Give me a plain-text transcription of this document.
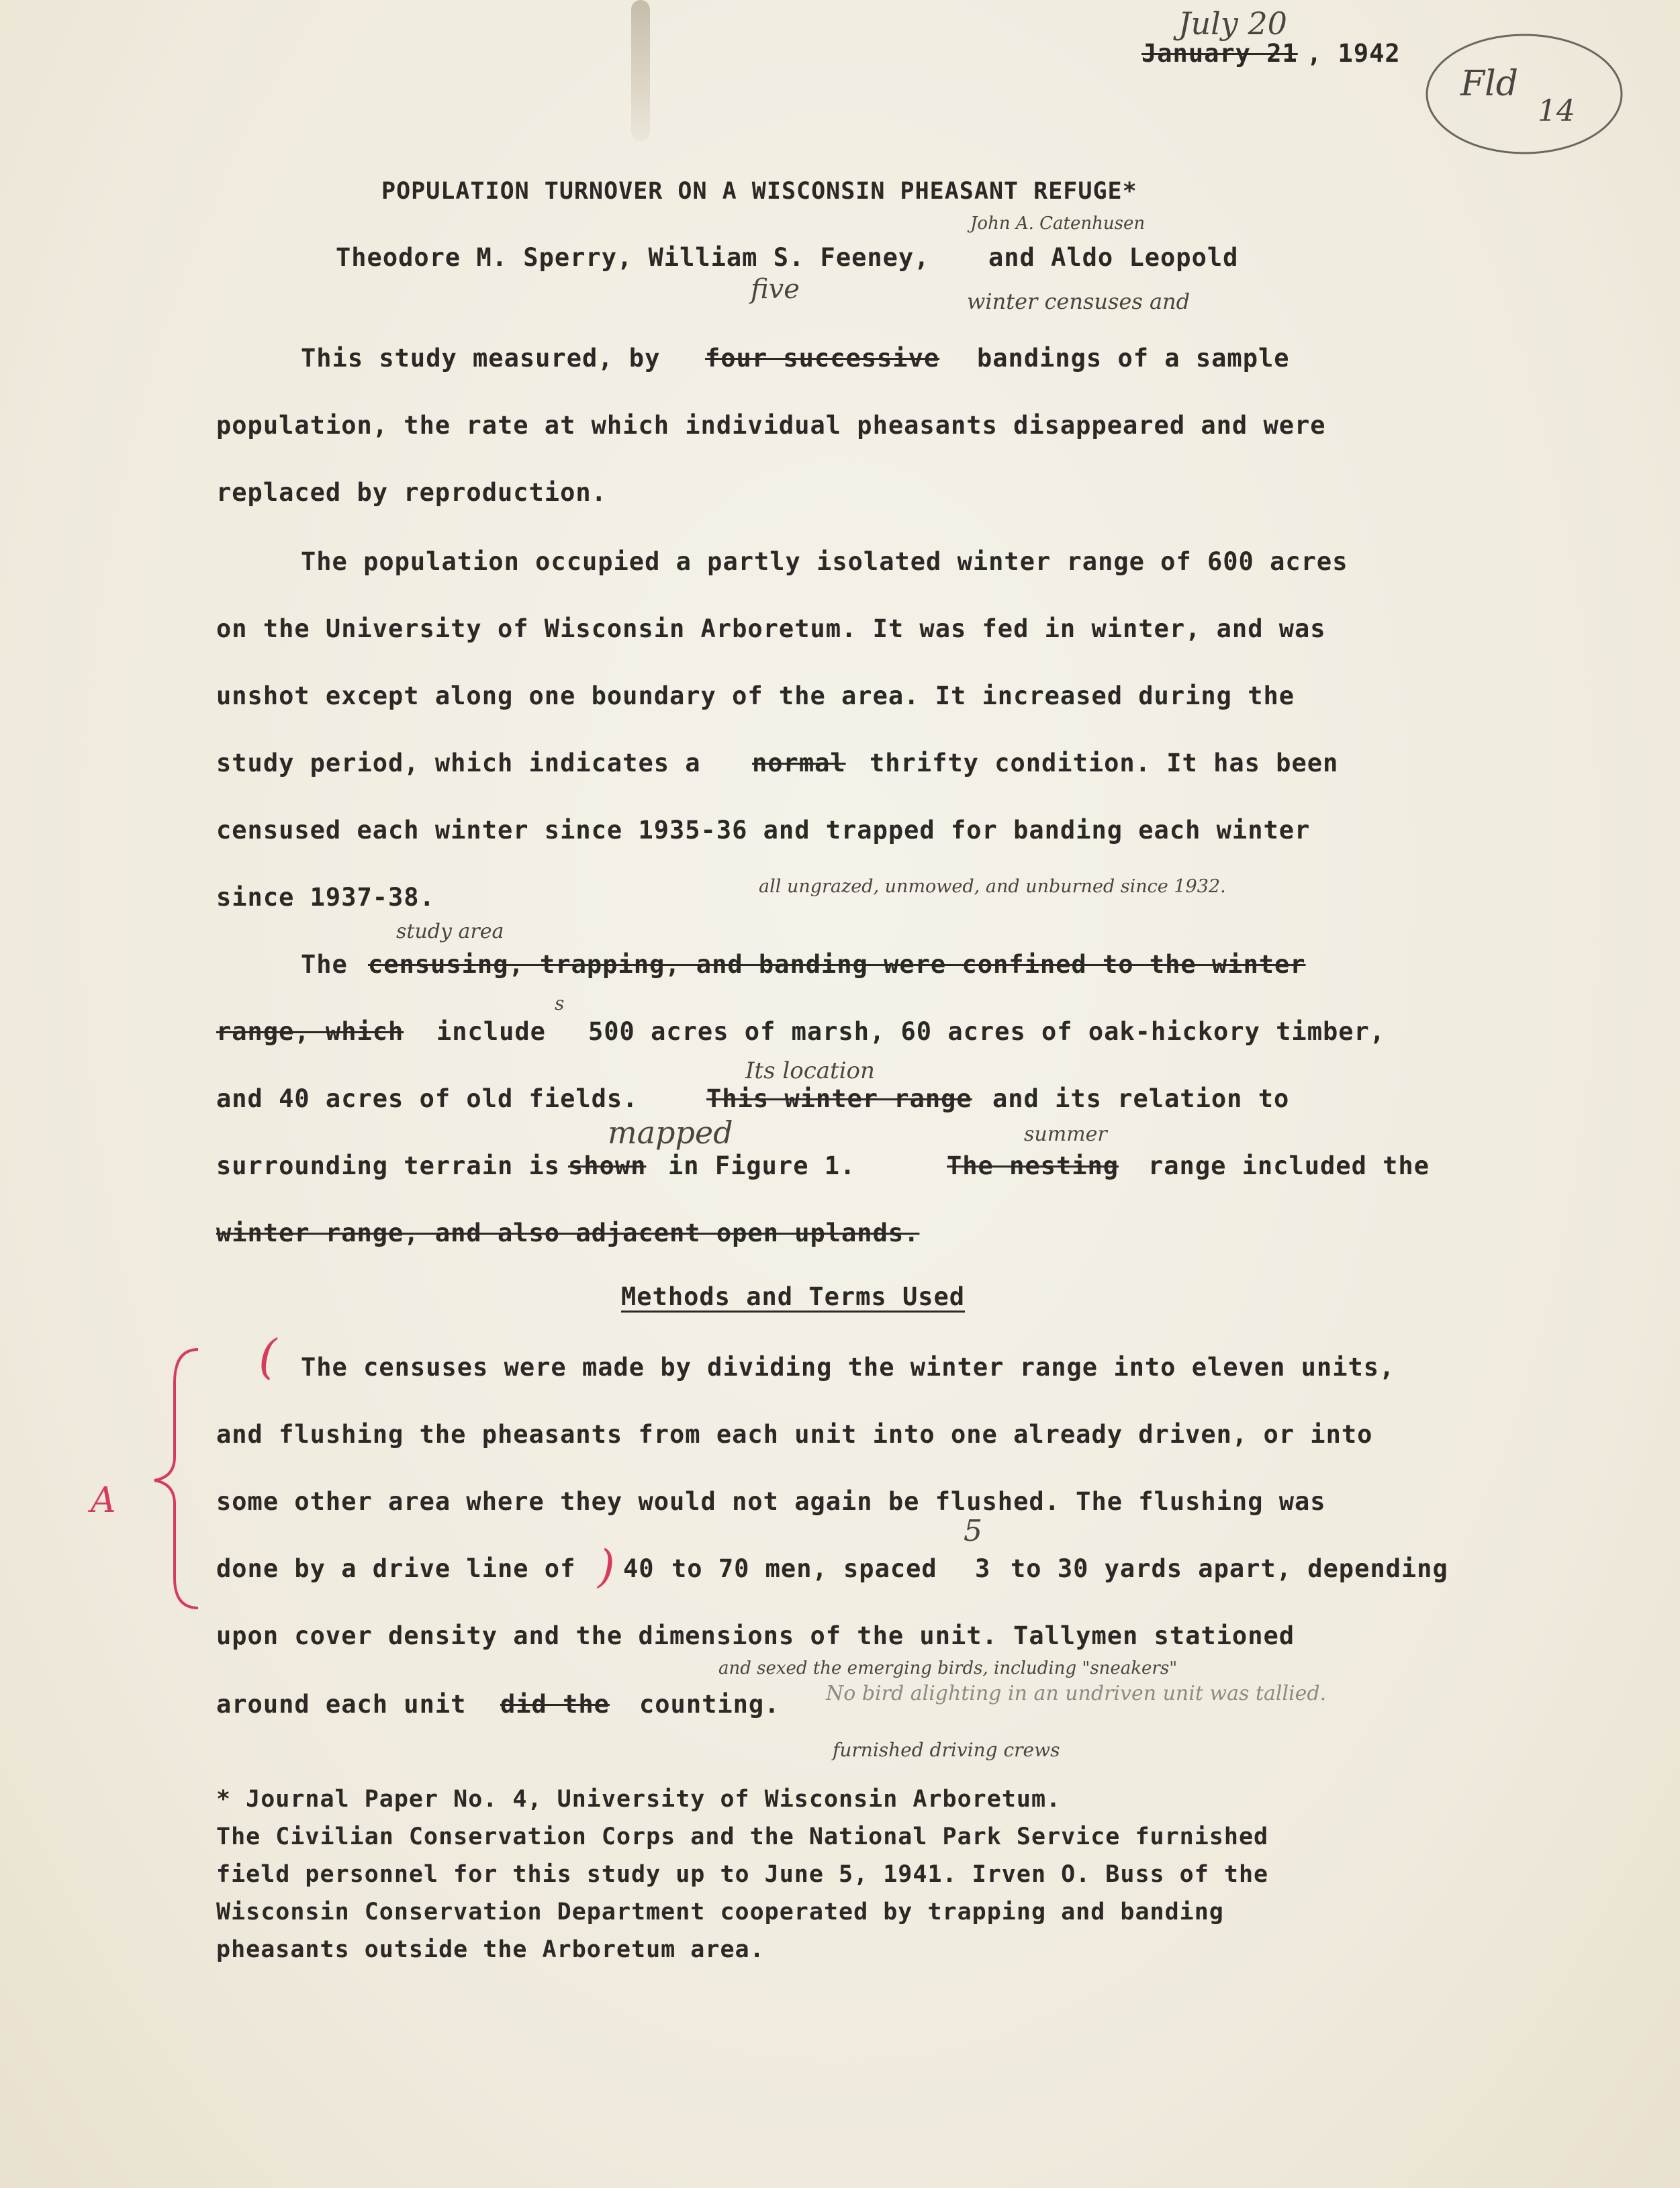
July 20
January 21 , 1942
Fld
14
POPULATION TURNOVER ON A WISCONSIN PHEASANT REFUGE*
John A. Catenhusen
Theodore M. Sperry, William S. Feeney, and Aldo Leopold
five	winter censuses and
This study measured, by four successive bandings of a sample
population, the rate at which individual pheasants disappeared and were
replaced by reproduction.
The population occupied a partly isolated winter range of 600 acres
on the University of Wisconsin Arboretum. It was fed in winter, and was
unshot except along one boundary of the area. It increased during the
study period, which indicates a normal thrifty condition. It has been
censused each winter since 1935-36 and trapped for banding each winter
since 1937-38.	all ungrazed, unmowed, and unburned since 1932.
study area
The censusing, trapping, and banding were confined to the winter
s
range, which include 500 acres of marsh, 60 acres of oak-hickory timber,
Its location
and 40 acres of old fields.	This winter range and its relation to
mapped	summer
surrounding terrain is shown in Figure 1.	The nesting range included the
winter range, and also adjacent open uplands.
Methods and Terms Used
A
( The censuses were made by dividing the winter range into eleven units,
and flushing the pheasants from each unit into one already driven, or into
some other area where they would not again be flushed. The flushing was
5
done by a drive line of 40
) to 70 men, spaced 3 to 30 yards apart, depending
upon cover density and the dimensions of the unit. Tallymen stationed
and sexed the emerging birds, including "sneakers"
No bird alighting in an undriven unit was tallied.
around each unit did the counting.
furnished driving crews
* Journal Paper No. 4, University of Wisconsin Arboretum.
The Civilian Conservation Corps and the National Park Service furnished
field personnel for this study up to June 5, 1941. Irven O. Buss of the
Wisconsin Conservation Department cooperated by trapping and banding
pheasants outside the Arboretum area.
